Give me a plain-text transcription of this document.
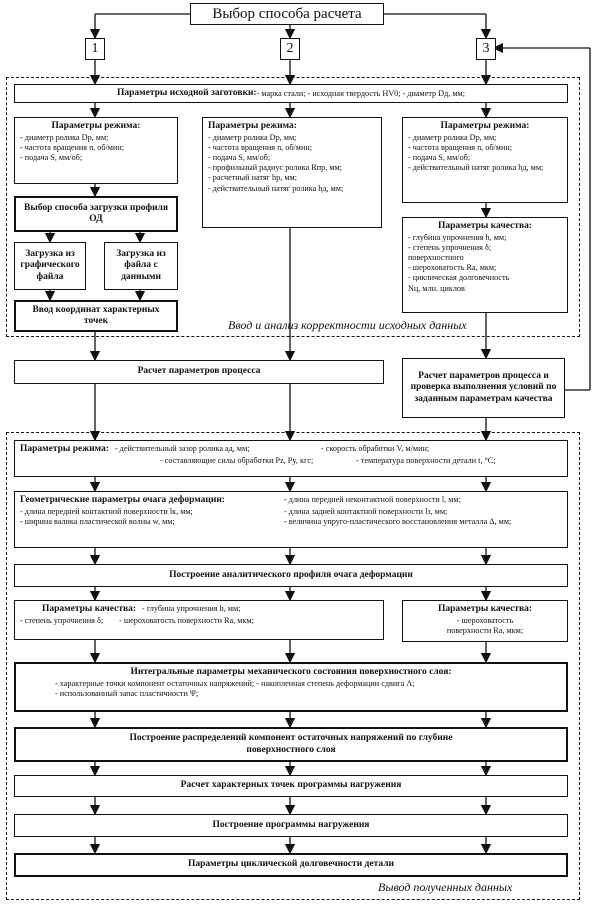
Ввод и анализ корректности исходных данных
Вывод полученных данных
Выбор способа расчета
1	2	3
Параметры исходной заготовки: - марка стали; - исходная твердость HV0; - диаметр Dд, мм;
Параметры режима:
- диаметр ролика Dр, мм;
- частота вращения n, об/мин;
- подача S, мм/об;
Выбор способа загрузки профиля ОД
Загрузка из графического файла
Загрузка из файла с данными
Ввод координат характерных точек
Параметры режима:
- диаметр ролика Dр, мм;
- частота вращения n, об/мин;
- подача S, мм/об;
- профильный радиус ролика Rпр, мм;
- расчетный натяг hр, мм;
- действительный натяг ролика hд, мм;
Параметры режима:
- диаметр ролика Dр, мм;
- частота вращения n, об/мин;
- подача S, мм/об;
- действительный натяг ролика hд, мм;
Параметры качества:
- глубина упрочнения h, мм;
- степень упрочнения δ;
поверхностного
- шероховатость Ra, мкм;
- циклическая долговечность
Nц, млн. циклов
Расчет параметров процесса	Расчет параметров процесса и проверка выполнения условий по заданным параметрам качества
Параметры режима: - действительный зазор ролика aд, мм;	- скорость обработки V, м/мин;
- составляющие силы обработки Pz, Py, кгс;	- температура поверхности детали t, °C;
Геометрические параметры очага деформации:	- длина передней неконтактной поверхности l, мм;
- длина передней контактной поверхности lк, мм;	- длина задней контактной поверхности lз, мм;
- ширина валика пластической волны w, мм;	- величина упруго-пластического восстановления металла Δ, мм;
Построение аналитического профиля очага деформации
Параметры качества: - глубина упрочнения h, мм;
- степень упрочнения δ; - шероховатость поверхности Ra, мкм;
Параметры качества:
- шероховатость
поверхности Ra, мкм;
Интегральные параметры механического состояния поверхностного слоя:
- характерные точки компонент остаточных напряжений; - накопленная степень деформации сдвига Λ;
- использованный запас пластичности Ψ;
Построение распределений компонент остаточных напряжений по глубине поверхностного слоя
Расчет характерных точек программы нагружения
Построение программы нагружения
Параметры циклической долговечности детали
